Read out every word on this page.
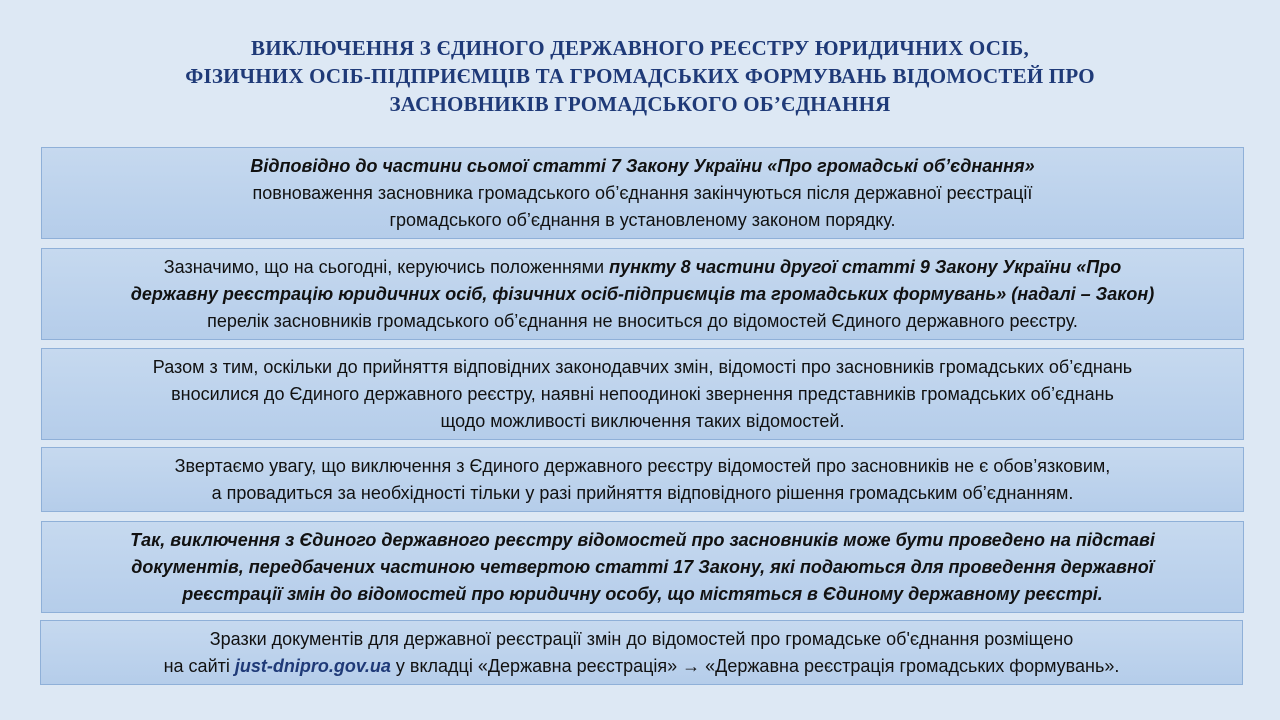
ВИКЛЮЧЕННЯ З ЄДИНОГО ДЕРЖАВНОГО РЕЄСТРУ ЮРИДИЧНИХ ОСІБ,
ФІЗИЧНИХ ОСІБ-ПІДПРИЄМЦІВ ТА ГРОМАДСЬКИХ ФОРМУВАНЬ ВІДОМОСТЕЙ ПРО
ЗАСНОВНИКІВ ГРОМАДСЬКОГО ОБ’ЄДНАННЯ
Відповідно до частини сьомої статті 7 Закону України «Про громадські об’єднання»
повноваження засновника громадського об’єднання закінчуються після державної реєстрації
громадського об’єднання в установленому законом порядку.
Зазначимо, що на сьогодні, керуючись положеннями пункту 8 частини другої статті 9 Закону України «Про
державну реєстрацію юридичних осіб, фізичних осіб-підприємців та громадських формувань» (надалі – Закон)
перелік засновників громадського об’єднання не вноситься до відомостей Єдиного державного реєстру.
Разом з тим, оскільки до прийняття відповідних законодавчих змін, відомості про засновників громадських об’єднань
вносилися до Єдиного державного реєстру, наявні непоодинокі звернення представників громадських об’єднань
щодо можливості виключення таких відомостей.
Звертаємо увагу, що виключення з Єдиного державного реєстру відомостей про засновників не є обов’язковим,
а провадиться за необхідності тільки у разі прийняття відповідного рішення громадським об’єднанням.
Так, виключення з Єдиного державного реєстру відомостей про засновників може бути проведено на підставі
документів, передбачених частиною четвертою статті 17 Закону, які подаються для проведення державної
реєстрації змін до відомостей про юридичну особу, що містяться в Єдиному державному реєстрі.
Зразки документів для державної реєстрації змін до відомостей про громадське об'єднання розміщено
на сайті just-dnipro.gov.ua у вкладці «Державна реєстрація» → «Державна реєстрація громадських формувань».
